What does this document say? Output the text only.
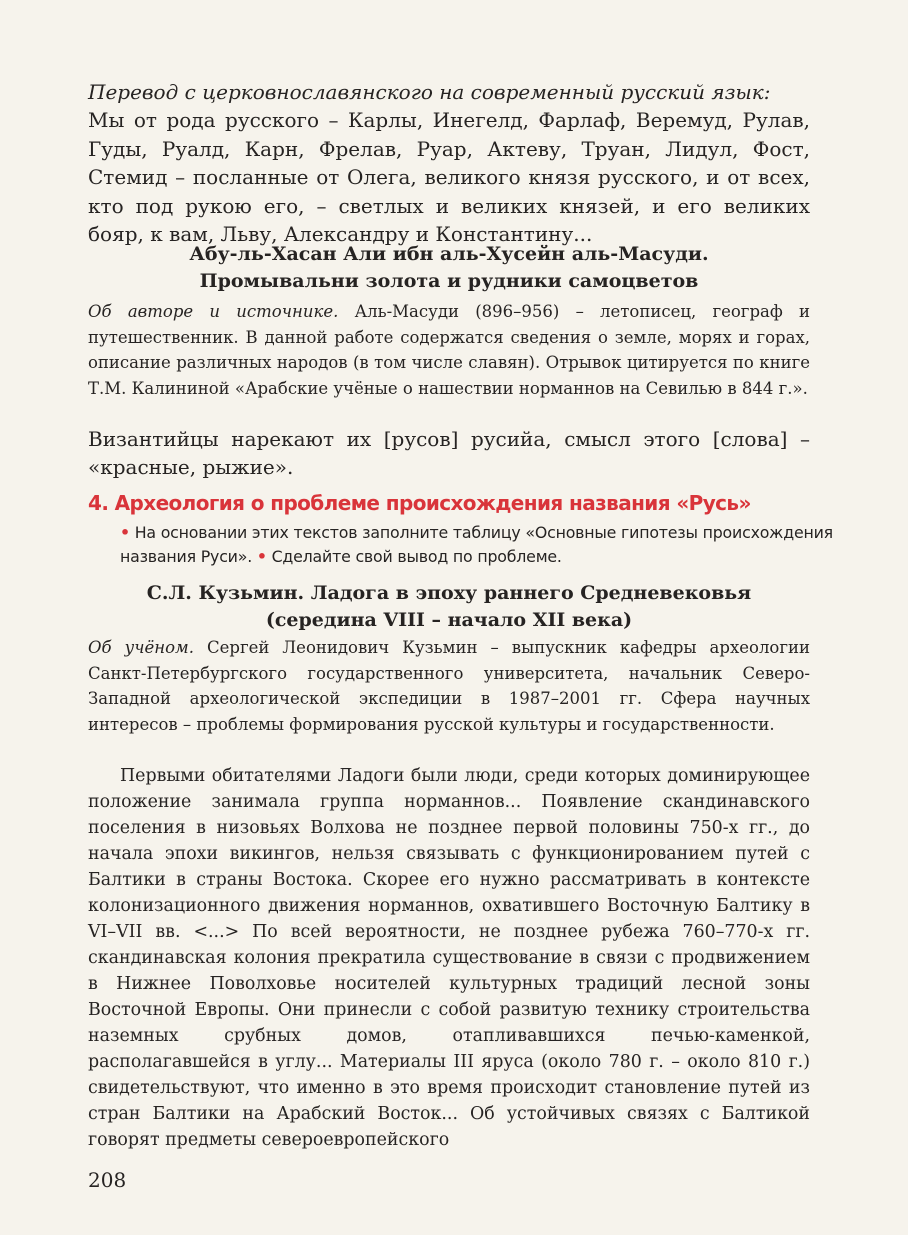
Перевод с церковнославянского на современный русский язык:
Мы от рода русского – Карлы, Инегелд, Фарлаф, Веремуд, Рулав, Гуды, Руалд, Карн, Фрелав, Руар, Актеву, Труан, Лидул, Фост, Стемид – посланные от Олега, великого князя русского, и от всех, кто под рукою его, – светлых и великих князей, и его великих бояр, к вам, Льву, Александру и Константину...
Абу-ль-Хасан Али ибн аль-Хусейн аль-Масуди.
Промывальни золота и рудники самоцветов
Об авторе и источнике. Аль-Масуди (896–956) – летописец, географ и путешественник. В данной работе содержатся сведения о земле, морях и горах, описание различных народов (в том числе славян). Отрывок цитируется по книге Т.М. Калининой «Арабские учёные о нашествии норманнов на Севилью в 844 г.».
Византийцы нарекают их [русов] русийа, смысл этого [слова] – «красные, рыжие».
4. Археология о проблеме происхождения названия «Русь»
• На основании этих текстов заполните таблицу «Основные гипотезы происхождения названия Руси». • Сделайте свой вывод по проблеме.
С.Л. Кузьмин. Ладога в эпоху раннего Средневековья
(середина VIII – начало XII века)
Об учёном. Сергей Леонидович Кузьмин – выпускник кафедры археологии Санкт-Петербургского государственного университета, начальник Северо-Западной археологической экспедиции в 1987–2001 гг. Сфера научных интересов – проблемы формирования русской культуры и государственности.
Первыми обитателями Ладоги были люди, среди которых доминирующее положение занимала группа норманнов... Появление скандинавского поселения в низовьях Волхова не позднее первой половины 750-х гг., до начала эпохи викингов, нельзя связывать с функционированием путей с Балтики в страны Востока. Скорее его нужно рассматривать в контексте колонизационного движения норманнов, охватившего Восточную Балтику в VI–VII вв. <...> По всей вероятности, не позднее рубежа 760–770-х гг. скандинавская колония прекратила существование в связи с продвижением в Нижнее Поволховье носителей культурных традиций лесной зоны Восточной Европы. Они принесли с собой развитую технику строительства наземных срубных домов, отапливавшихся печью-каменкой, располагавшейся в углу... Материалы III яруса (около 780 г. – около 810 г.) свидетельствуют, что именно в это время происходит становление путей из стран Балтики на Арабский Восток... Об устойчивых связях с Балтикой говорят предметы североевропейского
208
